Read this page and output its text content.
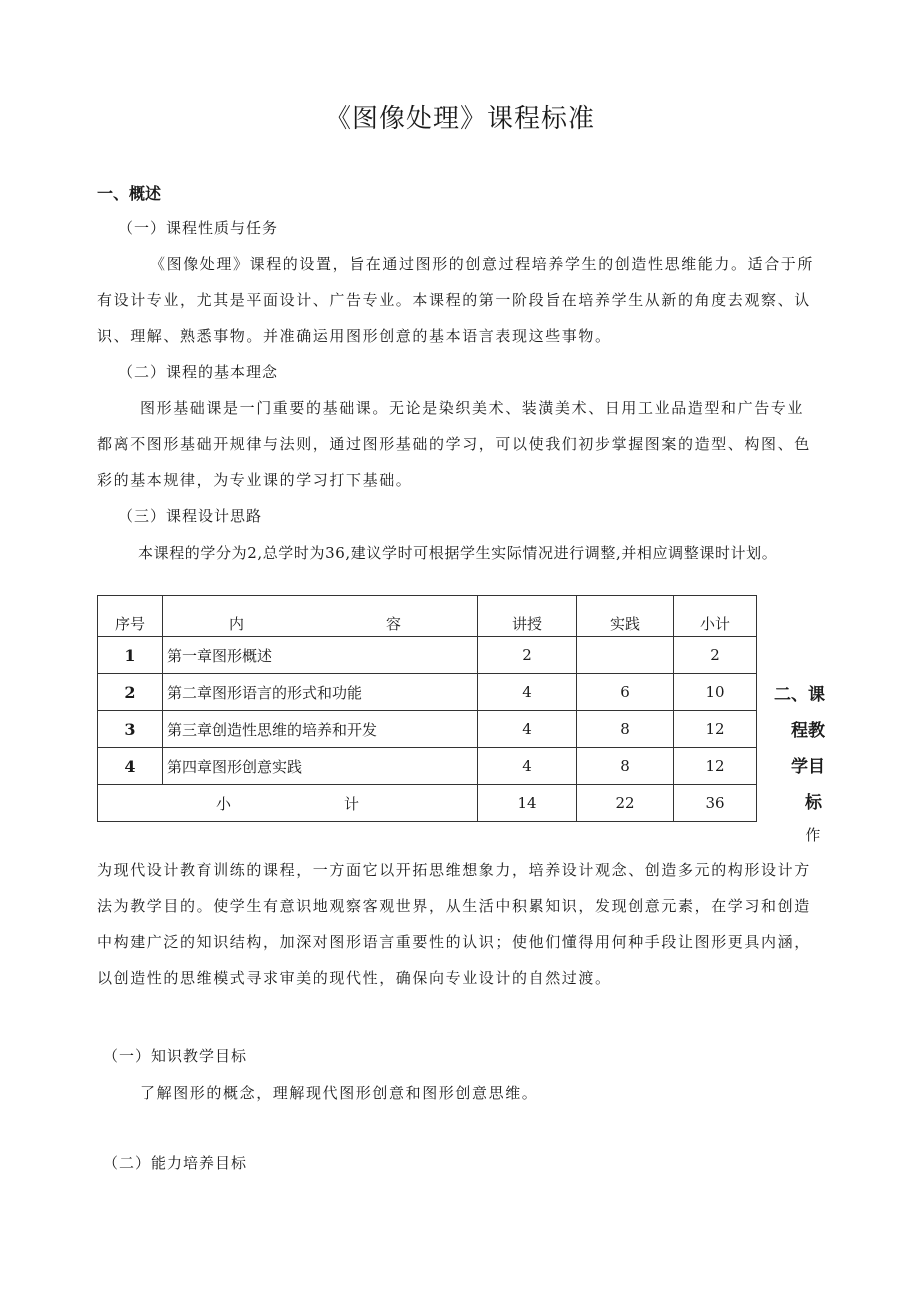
《图像处理》课程标准
一、概述
（一）课程性质与任务
《图像处理》课程的设置，旨在通过图形的创意过程培养学生的创造性思维能力。适合于所
有设计专业，尤其是平面设计、广告专业。本课程的第一阶段旨在培养学生从新的角度去观察、认
识、理解、熟悉事物。并准确运用图形创意的基本语言表现这些事物。
（二）课程的基本理念
图形基础课是一门重要的基础课。无论是染织美术、装潢美术、日用工业品造型和广告专业
都离不图形基础开规律与法则，通过图形基础的学习，可以使我们初步掌握图案的造型、构图、色
彩的基本规律，为专业课的学习打下基础。
（三）课程设计思路
本课程的学分为2,总学时为36,建议学时可根据学生实际情况进行调整,并相应调整课时计划。
序号	内 容	讲授	实践	小计
1	第一章图形概述	2		2
2	第二章图形语言的形式和功能	4	6	10
3	第三章创造性思维的培养和开发	4	8	12
4	第四章图形创意实践	4	8	12

小 计		14	22	36
二、课
程教
学目
标
作
为现代设计教育训练的课程，一方面它以开拓思维想象力，培养设计观念、创造多元的构形设计方
法为教学目的。使学生有意识地观察客观世界，从生活中积累知识，发现创意元素，在学习和创造
中构建广泛的知识结构，加深对图形语言重要性的认识；使他们懂得用何种手段让图形更具内涵，
以创造性的思维模式寻求审美的现代性，确保向专业设计的自然过渡。
（一）知识教学目标
了解图形的概念，理解现代图形创意和图形创意思维。
（二）能力培养目标
